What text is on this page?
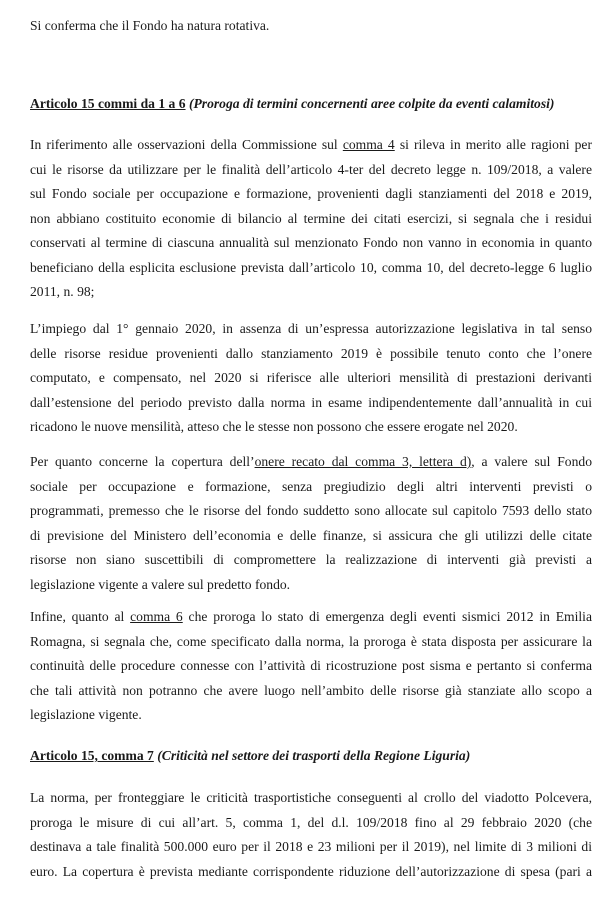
Si conferma che il Fondo ha natura rotativa.
Articolo 15 commi da 1 a 6 (Proroga di termini concernenti aree colpite da eventi calamitosi)
In riferimento alle osservazioni della Commissione sul comma 4 si rileva in merito alle ragioni per
cui le risorse da utilizzare per le finalità dell’articolo 4-ter del decreto legge n. 109/2018, a valere
sul Fondo sociale per occupazione e formazione, provenienti dagli stanziamenti del 2018 e 2019,
non abbiano costituito economie di bilancio al termine dei citati esercizi, si segnala che i residui
conservati al termine di ciascuna annualità sul menzionato Fondo non vanno in economia in quanto
beneficiano della esplicita esclusione prevista dall’articolo 10, comma 10, del decreto-legge 6 luglio
2011, n. 98;
L’impiego dal 1° gennaio 2020, in assenza di un’espressa autorizzazione legislativa in tal senso
delle risorse residue provenienti dallo stanziamento 2019 è possibile tenuto conto che l’onere
computato, e compensato, nel 2020 si riferisce alle ulteriori mensilità di prestazioni derivanti
dall’estensione del periodo previsto dalla norma in esame indipendentemente dall’annualità in cui
ricadono le nuove mensilità, atteso che le stesse non possono che essere erogate nel 2020.
Per quanto concerne la copertura dell’onere recato dal comma 3, lettera d), a valere sul Fondo
sociale per occupazione e formazione, senza pregiudizio degli altri interventi previsti o
programmati, premesso che le risorse del fondo suddetto sono allocate sul capitolo 7593 dello stato
di previsione del Ministero dell’economia e delle finanze, si assicura che gli utilizzi delle citate
risorse non siano suscettibili di compromettere la realizzazione di interventi già previsti a
legislazione vigente a valere sul predetto fondo.
Infine, quanto al comma 6 che proroga lo stato di emergenza degli eventi sismici 2012 in Emilia
Romagna, si segnala che, come specificato dalla norma, la proroga è stata disposta per assicurare la
continuità delle procedure connesse con l’attività di ricostruzione post sisma e pertanto si conferma
che tali attività non potranno che avere luogo nell’ambito delle risorse già stanziate allo scopo a
legislazione vigente.
Articolo 15, comma 7 (Criticità nel settore dei trasporti della Regione Liguria)
La norma, per fronteggiare le criticità trasportistiche conseguenti al crollo del viadotto Polcevera,
proroga le misure di cui all’art. 5, comma 1, del d.l. 109/2018 fino al 29 febbraio 2020 (che
destinava a tale finalità 500.000 euro per il 2018 e 23 milioni per il 2019), nel limite di 3 milioni di
euro. La copertura è prevista mediante corrispondente riduzione dell’autorizzazione di spesa (pari a
